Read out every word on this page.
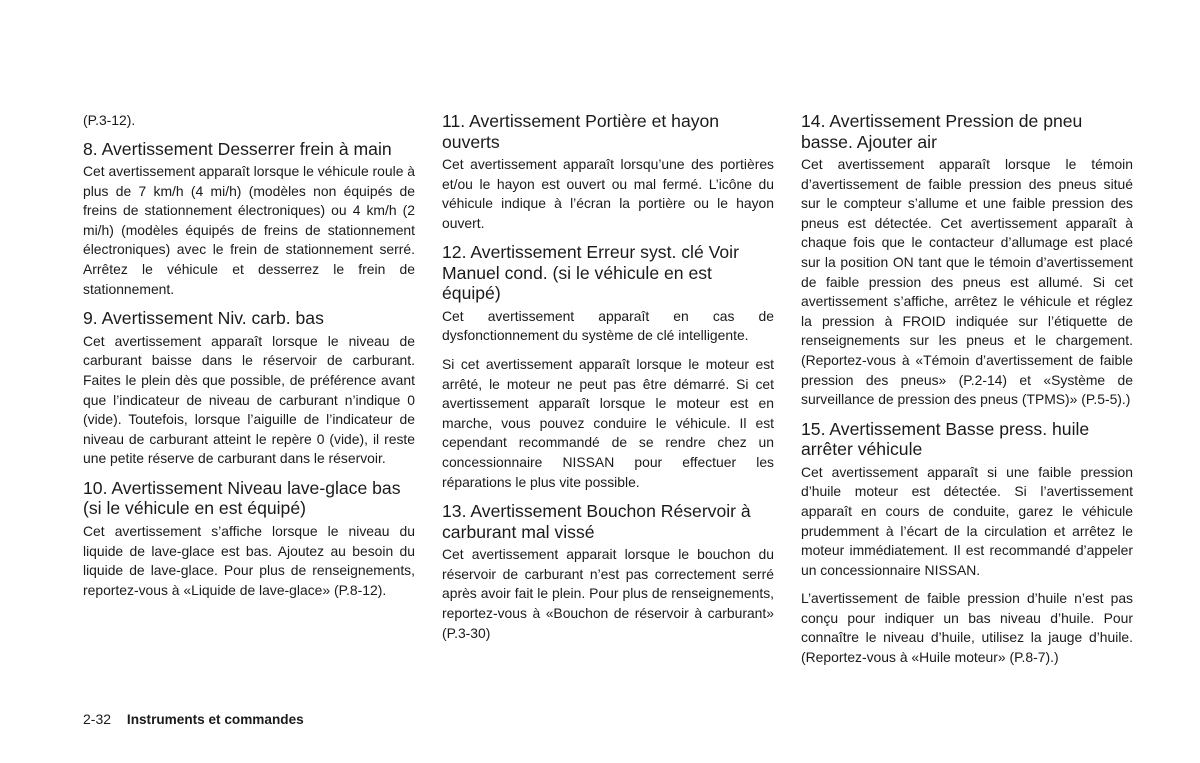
(P.3-12).

8. Avertissement Desserrer frein à main

Cet avertissement apparaît lorsque le véhicule roule à plus de 7 km/h (4 mi/h) (modèles non équipés de freins de stationnement électroniques) ou 4 km/h (2 mi/h) (modèles équipés de freins de stationnement électroniques) avec le frein de stationnement serré. Arrêtez le véhicule et desserrez le frein de stationnement.

9. Avertissement Niv. carb. bas

Cet avertissement apparaît lorsque le niveau de carburant baisse dans le réservoir de carburant. Faites le plein dès que possible, de préférence avant que l’indicateur de niveau de carburant n’indique 0 (vide). Toutefois, lorsque l’aiguille de l’indicateur de niveau de carburant atteint le repère 0 (vide), il reste une petite réserve de carburant dans le réservoir.

10. Avertissement Niveau lave-glace bas (si le véhicule en est équipé)

Cet avertissement s’affiche lorsque le niveau du liquide de lave-glace est bas. Ajoutez au besoin du liquide de lave-glace. Pour plus de renseignements, reportez-vous à «Liquide de lave-glace» (P.8-12).

11. Avertissement Portière et hayon ouverts

Cet avertissement apparaît lorsqu’une des portières et/ou le hayon est ouvert ou mal fermé. L’icône du véhicule indique à l’écran la portière ou le hayon ouvert.

12. Avertissement Erreur syst. clé Voir Manuel cond. (si le véhicule en est équipé)

Cet avertissement apparaît en cas de dysfonctionnement du système de clé intelligente.

Si cet avertissement apparaît lorsque le moteur est arrêté, le moteur ne peut pas être démarré. Si cet avertissement apparaît lorsque le moteur est en marche, vous pouvez conduire le véhicule. Il est cependant recommandé de se rendre chez un concessionnaire NISSAN pour effectuer les réparations le plus vite possible.

13. Avertissement Bouchon Réservoir à carburant mal vissé

Cet avertissement apparait lorsque le bouchon du réservoir de carburant n’est pas correctement serré après avoir fait le plein. Pour plus de renseignements, reportez-vous à «Bouchon de réservoir à carburant» (P.3-30)

14. Avertissement Pression de pneu basse. Ajouter air

Cet avertissement apparaît lorsque le témoin d’avertissement de faible pression des pneus situé sur le compteur s’allume et une faible pression des pneus est détectée. Cet avertissement apparaît à chaque fois que le contacteur d’allumage est placé sur la position ON tant que le témoin d’avertissement de faible pression des pneus est allumé. Si cet avertissement s’affiche, arrêtez le véhicule et réglez la pression à FROID indiquée sur l’étiquette de renseignements sur les pneus et le chargement. (Reportez-vous à «Témoin d’avertissement de faible pression des pneus» (P.2-14) et «Système de surveillance de pression des pneus (TPMS)» (P.5-5).)

15. Avertissement Basse press. huile arrêter véhicule

Cet avertissement apparaît si une faible pression d’huile moteur est détectée. Si l’avertissement apparaît en cours de conduite, garez le véhicule prudemment à l’écart de la circulation et arrêtez le moteur immédiatement. Il est recommandé d’appeler un concessionnaire NISSAN.

L’avertissement de faible pression d’huile n’est pas conçu pour indiquer un bas niveau d’huile. Pour connaître le niveau d’huile, utilisez la jauge d’huile. (Reportez-vous à «Huile moteur» (P.8-7).)

2-32 Instruments et commandes
